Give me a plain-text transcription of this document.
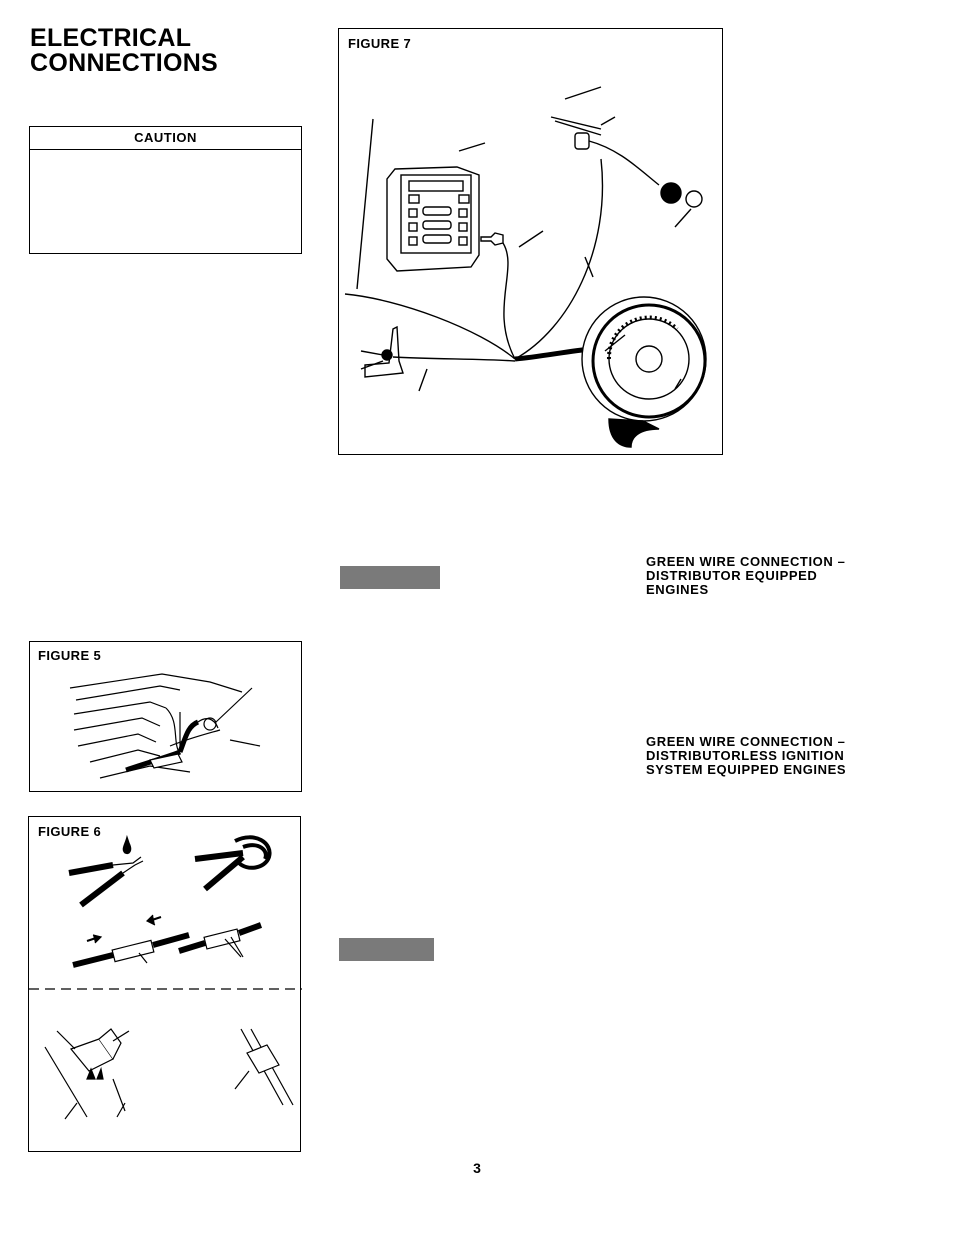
ELECTRICAL
CONNECTIONS
CAUTION
FIGURE 7
GREEN WIRE CONNECTION –
DISTRIBUTOR EQUIPPED
ENGINES
GREEN WIRE CONNECTION –
DISTRIBUTORLESS IGNITION
SYSTEM EQUIPPED ENGINES
FIGURE 5
FIGURE 6
3
